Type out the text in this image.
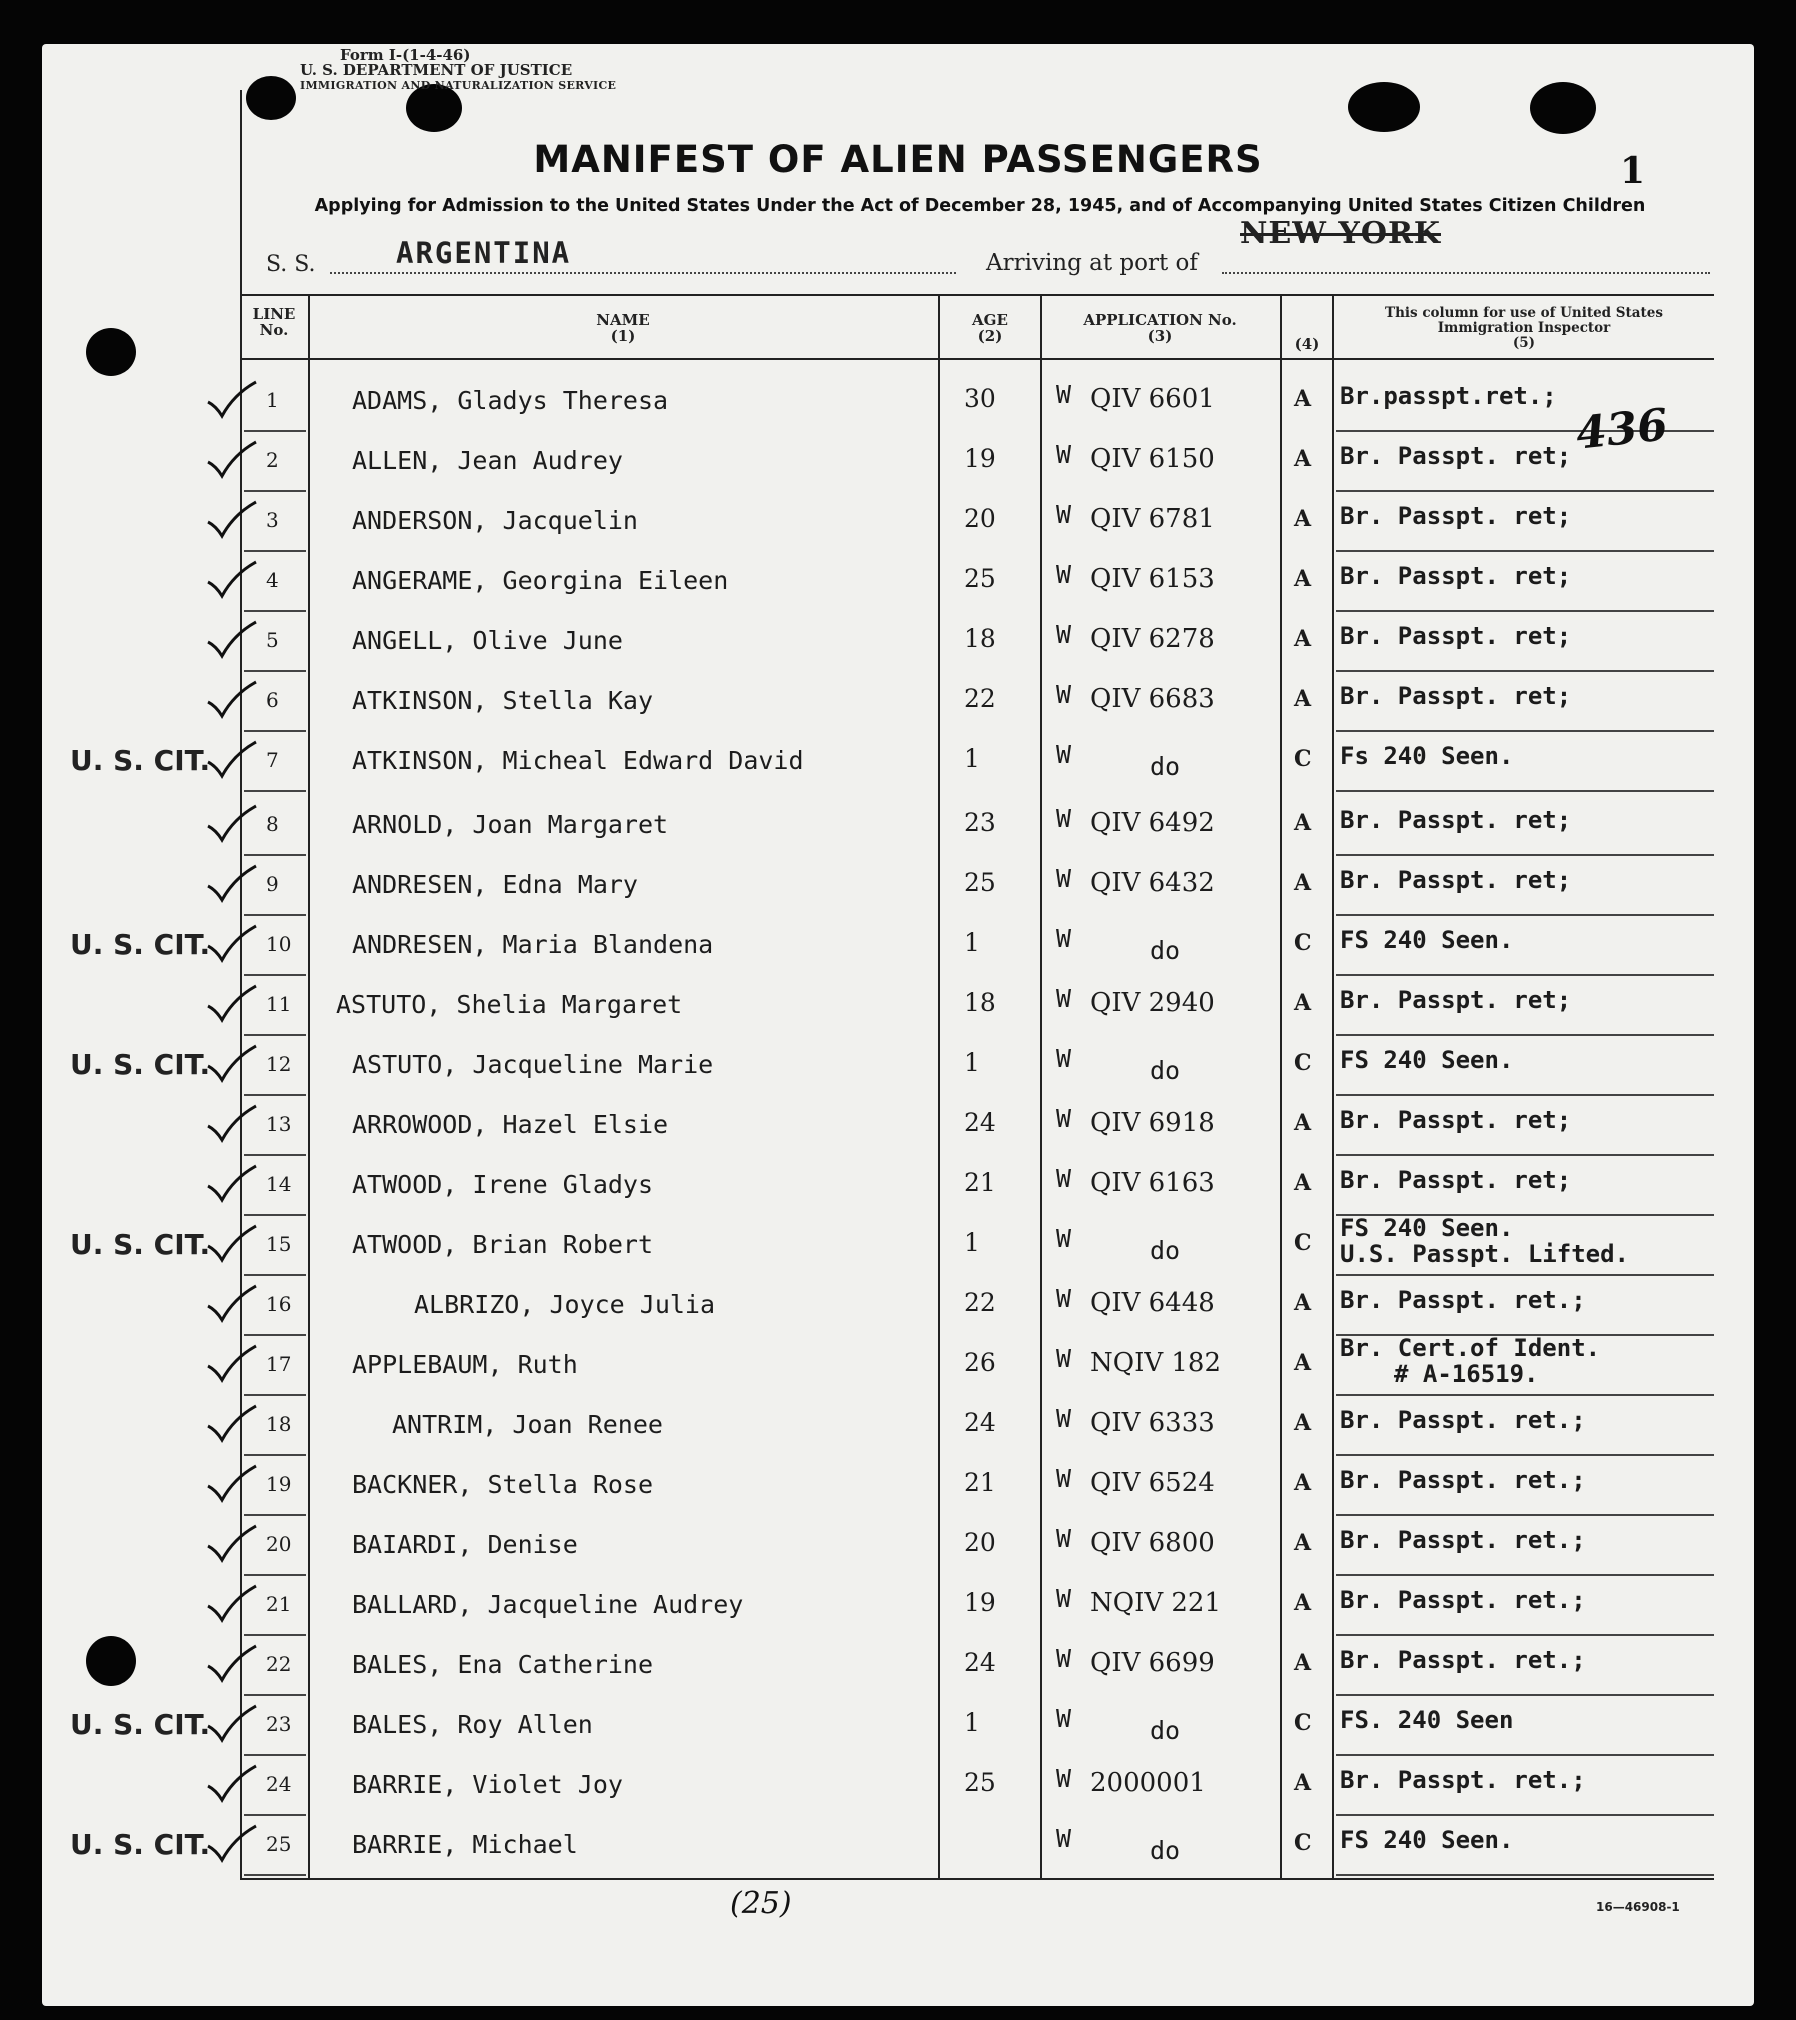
Form I-(1-4-46)
U. S. DEPARTMENT OF JUSTICE
IMMIGRATION AND NATURALIZATION SERVICE
MANIFEST OF ALIEN PASSENGERS
Applying for Admission to the United States Under the Act of December 28, 1945, and of Accompanying United States Citizen Children
1
S. S.	ARGENTINA	Arriving at port of
NEW YORK
LINE No.
NAME
(1)
AGE
(2)
APPLICATION No.
(3)	(4)
This column for use of United States Immigration Inspector
(5)
1	ADAMS, Gladys Theresa	30 W QIV 6601	A Br.passpt.ret.;
2	ALLEN, Jean Audrey	19 W QIV 6150	A Br. Passpt. ret;
3	ANDERSON, Jacquelin	20 W QIV 6781	A Br. Passpt. ret;
4	ANGERAME, Georgina Eileen	25 W QIV 6153	A Br. Passpt. ret;
5	ANGELL, Olive June	18 W QIV 6278	A Br. Passpt. ret;
6	ATKINSON, Stella Kay	22 W QIV 6683	A Br. Passpt. ret;
7	ATKINSON, Micheal Edward David	1	W	do	C Fs 240 Seen.
U. S. CIT.
8	ARNOLD, Joan Margaret	23 W QIV 6492	A Br. Passpt. ret;
9	ANDRESEN, Edna Mary	25 W QIV 6432	A Br. Passpt. ret;
10 ANDRESEN, Maria Blandena	1	W	do	C FS 240 Seen.
U. S. CIT.
11 ASTUTO, Shelia Margaret	18 W QIV 2940	A Br. Passpt. ret;
12 ASTUTO, Jacqueline Marie	1	W	do	C FS 240 Seen.
U. S. CIT.
13 ARROWOOD, Hazel Elsie	24 W QIV 6918	A Br. Passpt. ret;
14 ATWOOD, Irene Gladys	21 W QIV 6163	A Br. Passpt. ret;
15 ATWOOD, Brian Robert	1	W	do	C
FS 240 Seen.
U.S. Passpt. Lifted.
U. S. CIT.
16	ALBRIZO, Joyce Julia	22 W QIV 6448	A Br. Passpt. ret.;
17 APPLEBAUM, Ruth	26 W NQIV 182	A
Br. Cert.of Ident.
# A-16519.
18	ANTRIM, Joan Renee	24 W QIV 6333	A Br. Passpt. ret.;
19 BACKNER, Stella Rose	21 W QIV 6524	A Br. Passpt. ret.;
20 BAIARDI, Denise	20 W QIV 6800	A Br. Passpt. ret.;
21 BALLARD, Jacqueline Audrey	19 W NQIV 221	A Br. Passpt. ret.;
22 BALES, Ena Catherine	24 W QIV 6699	A Br. Passpt. ret.;
23 BALES, Roy Allen	1	W	do	C FS. 240 Seen
U. S. CIT.
24 BARRIE, Violet Joy	25 W 2000001	A Br. Passpt. ret.;
25 BARRIE, Michael	W	do	C FS 240 Seen.
U. S. CIT.
436
(25)	16—46908-1
